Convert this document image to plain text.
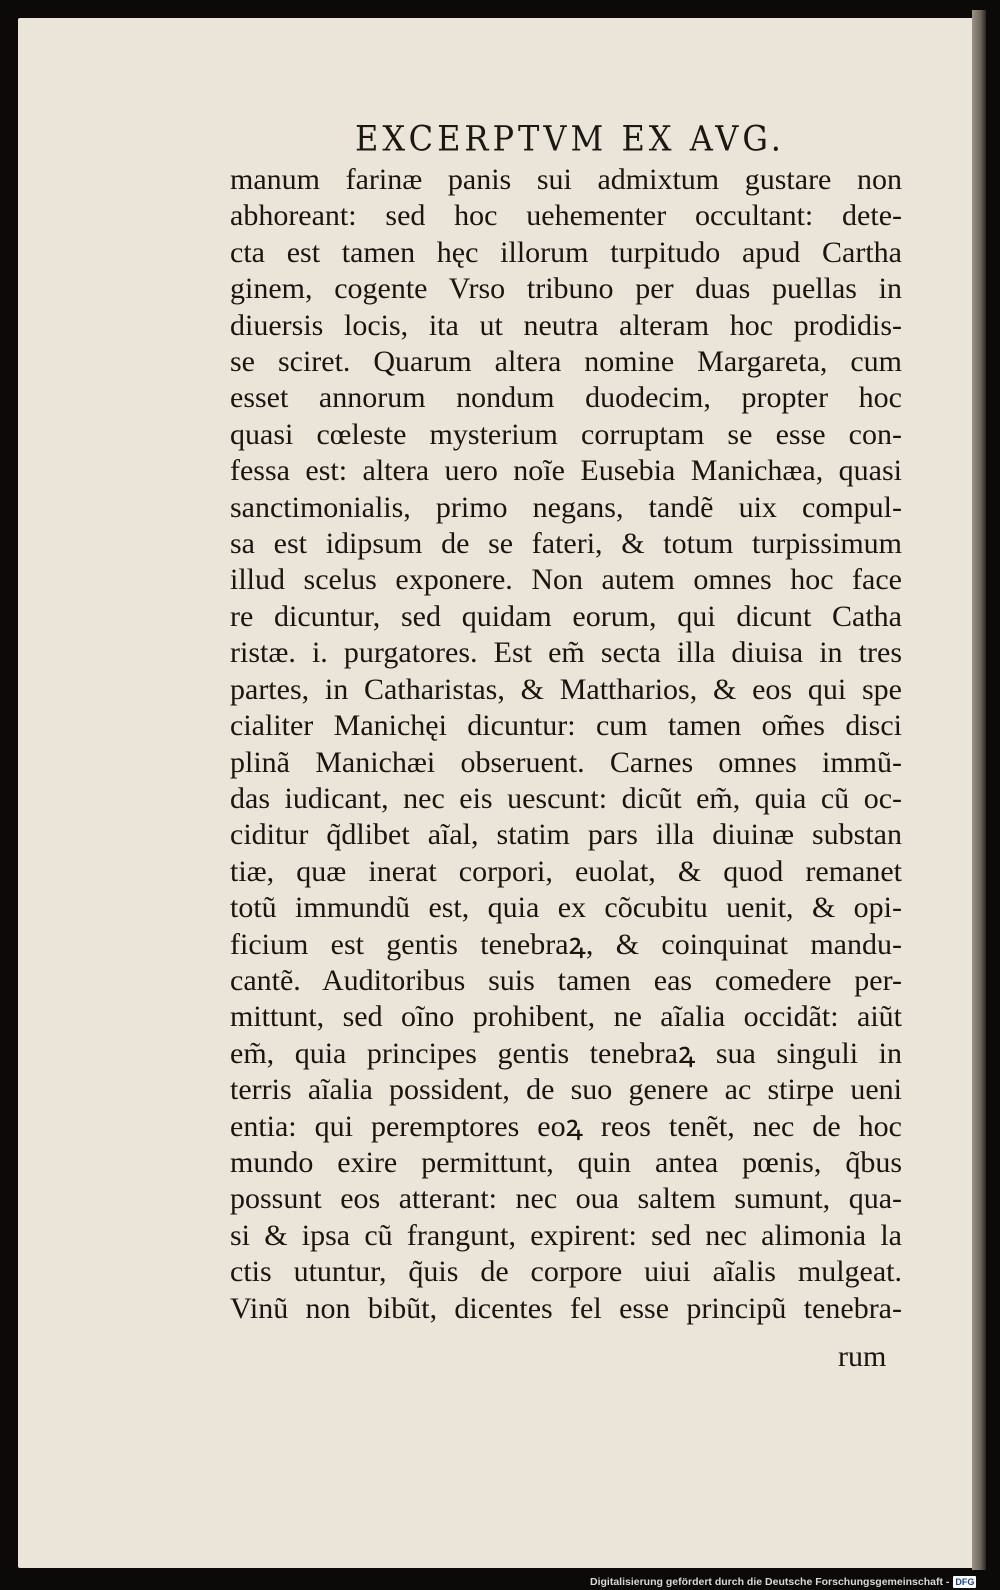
EXCERPTVM EX AVG.
manum farinæ panis sui admixtum gustare non
abhoreant: sed hoc uehementer occultant: dete-
cta est tamen hęc illorum turpitudo apud Cartha
ginem, cogente Vrso tribuno per duas puellas in
diuersis locis, ita ut neutra alteram hoc prodidis-
se sciret. Quarum altera nomine Margareta, cum
esset annorum nondum duodecim, propter hoc
quasi cœleste mysterium corruptam se esse con-
fessa est: altera uero noĩe Eusebia Manichæa, quasi
sanctimonialis, primo negans, tandẽ uix compul-
sa est idipsum de se fateri, & totum turpissimum
illud scelus exponere. Non autem omnes hoc face
re dicuntur, sed quidam eorum, qui dicunt Catha
ristæ. i. purgatores. Est em̃ secta illa diuisa in tres
partes, in Catharistas, & Mattharios, & eos qui spe
cialiter Manichęi dicuntur: cum tamen om̃es disci
plinã Manichæi obseruent. Carnes omnes immũ-
das iudicant, nec eis uescunt: dicũt em̃, quia cũ oc-
ciditur q̃dlibet aĩal, statim pars illa diuinæ substan
tiæ, quæ inerat corpori, euolat, & quod remanet
totũ immundũ est, quia ex cõcubitu uenit, & opi-
ficium est gentis tenebraꝝ, & coinquinat mandu-
cantẽ. Auditoribus suis tamen eas comedere per-
mittunt, sed oĩno prohibent, ne aĩalia occidãt: aiũt
em̃, quia principes gentis tenebraꝝ sua singuli in
terris aĩalia possident, de suo genere ac stirpe ueni
entia: qui peremptores eoꝝ reos tenẽt, nec de hoc
mundo exire permittunt, quin antea pœnis, q̃bus
possunt eos atterant: nec oua saltem sumunt, qua-
si & ipsa cũ frangunt, expirent: sed nec alimonia la
ctis utuntur, q̃uis de corpore uiui aĩalis mulgeat.
Vinũ non bibũt, dicentes fel esse principũ tenebra-
rum
Digitalisierung gefördert durch die Deutsche Forschungsgemeinschaft - DFG
